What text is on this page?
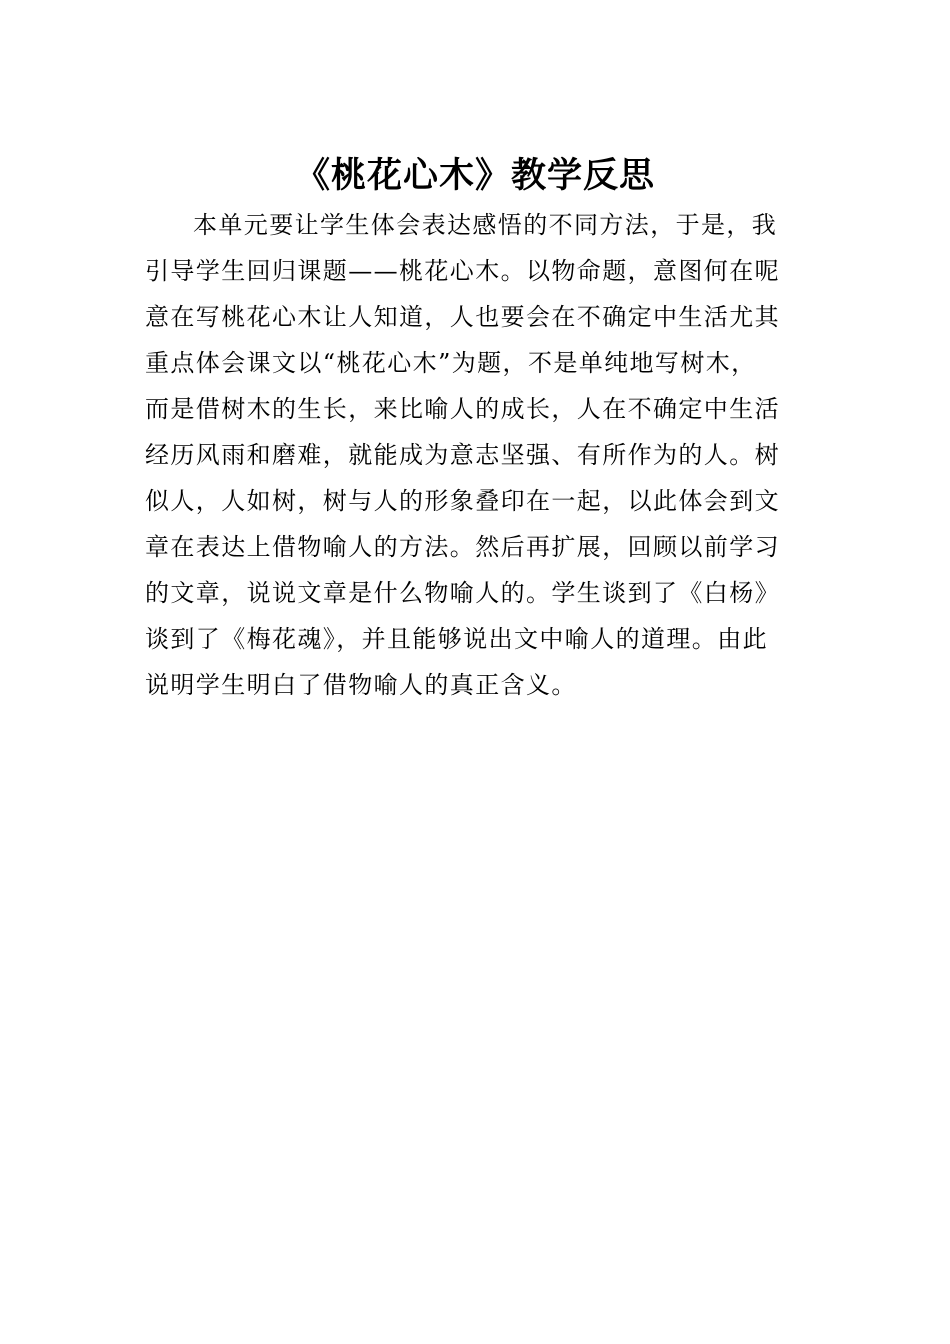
《桃花心木》教学反思
本单元要让学生体会表达感悟的不同方法，于是，我
引导学生回归课题——桃花心木。以物命题，意图何在呢
意在写桃花心木让人知道，人也要会在不确定中生活尤其
重点体会课文以“桃花心木”为题，不是单纯地写树木，
而是借树木的生长，来比喻人的成长，人在不确定中生活
经历风雨和磨难，就能成为意志坚强、有所作为的人。树
似人，人如树，树与人的形象叠印在一起，以此体会到文
章在表达上借物喻人的方法。然后再扩展，回顾以前学习
的文章，说说文章是什么物喻人的。学生谈到了《白杨》
谈到了《梅花魂》，并且能够说出文中喻人的道理。由此
说明学生明白了借物喻人的真正含义。
